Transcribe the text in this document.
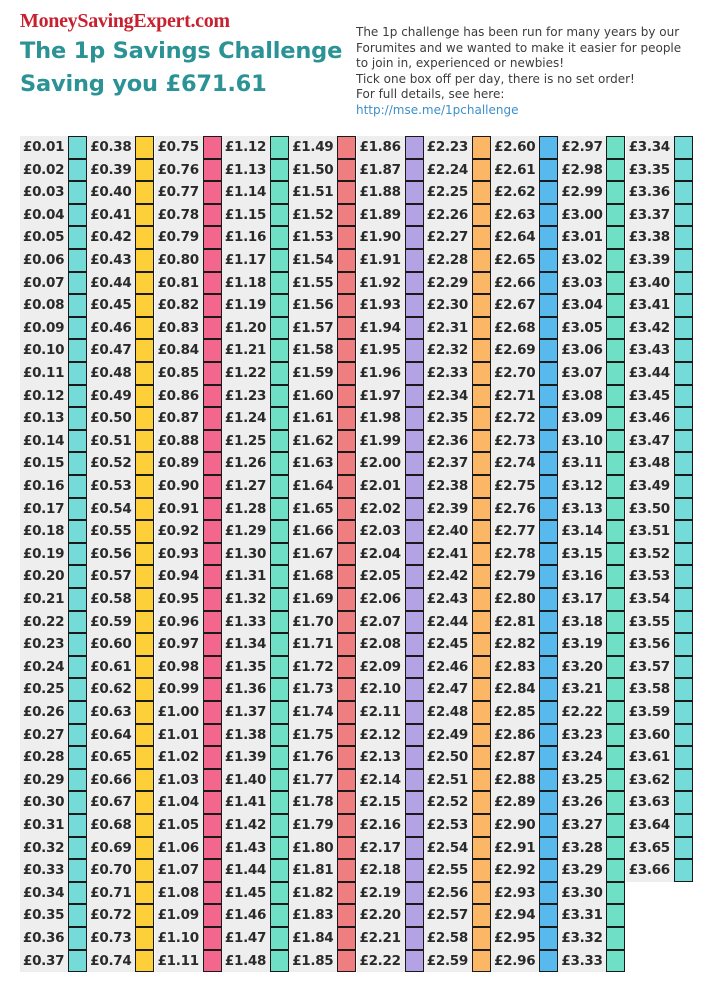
MoneySavingExpert.com
The 1p Savings Challenge
Saving you £671.61
The 1p challenge has been run for many years by our
Forumites and we wanted to make it easier for people
to join in, experienced or newbies!
Tick one box off per day, there is no set order!
For full details, see here:
http://mse.me/1pchallenge
£0.01
£0.02
£0.03
£0.04
£0.05
£0.06
£0.07
£0.08
£0.09
£0.10
£0.11
£0.12
£0.13
£0.14
£0.15
£0.16
£0.17
£0.18
£0.19
£0.20
£0.21
£0.22
£0.23
£0.24
£0.25
£0.26
£0.27
£0.28
£0.29
£0.30
£0.31
£0.32
£0.33
£0.34
£0.35
£0.36
£0.37
£0.38
£0.39
£0.40
£0.41
£0.42
£0.43
£0.44
£0.45
£0.46
£0.47
£0.48
£0.49
£0.50
£0.51
£0.52
£0.53
£0.54
£0.55
£0.56
£0.57
£0.58
£0.59
£0.60
£0.61
£0.62
£0.63
£0.64
£0.65
£0.66
£0.67
£0.68
£0.69
£0.70
£0.71
£0.72
£0.73
£0.74
£0.75
£0.76
£0.77
£0.78
£0.79
£0.80
£0.81
£0.82
£0.83
£0.84
£0.85
£0.86
£0.87
£0.88
£0.89
£0.90
£0.91
£0.92
£0.93
£0.94
£0.95
£0.96
£0.97
£0.98
£0.99
£1.00
£1.01
£1.02
£1.03
£1.04
£1.05
£1.06
£1.07
£1.08
£1.09
£1.10
£1.11
£1.12
£1.13
£1.14
£1.15
£1.16
£1.17
£1.18
£1.19
£1.20
£1.21
£1.22
£1.23
£1.24
£1.25
£1.26
£1.27
£1.28
£1.29
£1.30
£1.31
£1.32
£1.33
£1.34
£1.35
£1.36
£1.37
£1.38
£1.39
£1.40
£1.41
£1.42
£1.43
£1.44
£1.45
£1.46
£1.47
£1.48
£1.49
£1.50
£1.51
£1.52
£1.53
£1.54
£1.55
£1.56
£1.57
£1.58
£1.59
£1.60
£1.61
£1.62
£1.63
£1.64
£1.65
£1.66
£1.67
£1.68
£1.69
£1.70
£1.71
£1.72
£1.73
£1.74
£1.75
£1.76
£1.77
£1.78
£1.79
£1.80
£1.81
£1.82
£1.83
£1.84
£1.85
£1.86
£1.87
£1.88
£1.89
£1.90
£1.91
£1.92
£1.93
£1.94
£1.95
£1.96
£1.97
£1.98
£1.99
£2.00
£2.01
£2.02
£2.03
£2.04
£2.05
£2.06
£2.07
£2.08
£2.09
£2.10
£2.11
£2.12
£2.13
£2.14
£2.15
£2.16
£2.17
£2.18
£2.19
£2.20
£2.21
£2.22
£2.23
£2.24
£2.25
£2.26
£2.27
£2.28
£2.29
£2.30
£2.31
£2.32
£2.33
£2.34
£2.35
£2.36
£2.37
£2.38
£2.39
£2.40
£2.41
£2.42
£2.43
£2.44
£2.45
£2.46
£2.47
£2.48
£2.49
£2.50
£2.51
£2.52
£2.53
£2.54
£2.55
£2.56
£2.57
£2.58
£2.59
£2.60
£2.61
£2.62
£2.63
£2.64
£2.65
£2.66
£2.67
£2.68
£2.69
£2.70
£2.71
£2.72
£2.73
£2.74
£2.75
£2.76
£2.77
£2.78
£2.79
£2.80
£2.81
£2.82
£2.83
£2.84
£2.85
£2.86
£2.87
£2.88
£2.89
£2.90
£2.91
£2.92
£2.93
£2.94
£2.95
£2.96
£2.97
£2.98
£2.99
£3.00
£3.01
£3.02
£3.03
£3.04
£3.05
£3.06
£3.07
£3.08
£3.09
£3.10
£3.11
£3.12
£3.13
£3.14
£3.15
£3.16
£3.17
£3.18
£3.19
£3.20
£3.21
£2.22
£3.23
£3.24
£3.25
£3.26
£3.27
£3.28
£3.29
£3.30
£3.31
£3.32
£3.33
£3.34
£3.35
£3.36
£3.37
£3.38
£3.39
£3.40
£3.41
£3.42
£3.43
£3.44
£3.45
£3.46
£3.47
£3.48
£3.49
£3.50
£3.51
£3.52
£3.53
£3.54
£3.55
£3.56
£3.57
£3.58
£3.59
£3.60
£3.61
£3.62
£3.63
£3.64
£3.65
£3.66
